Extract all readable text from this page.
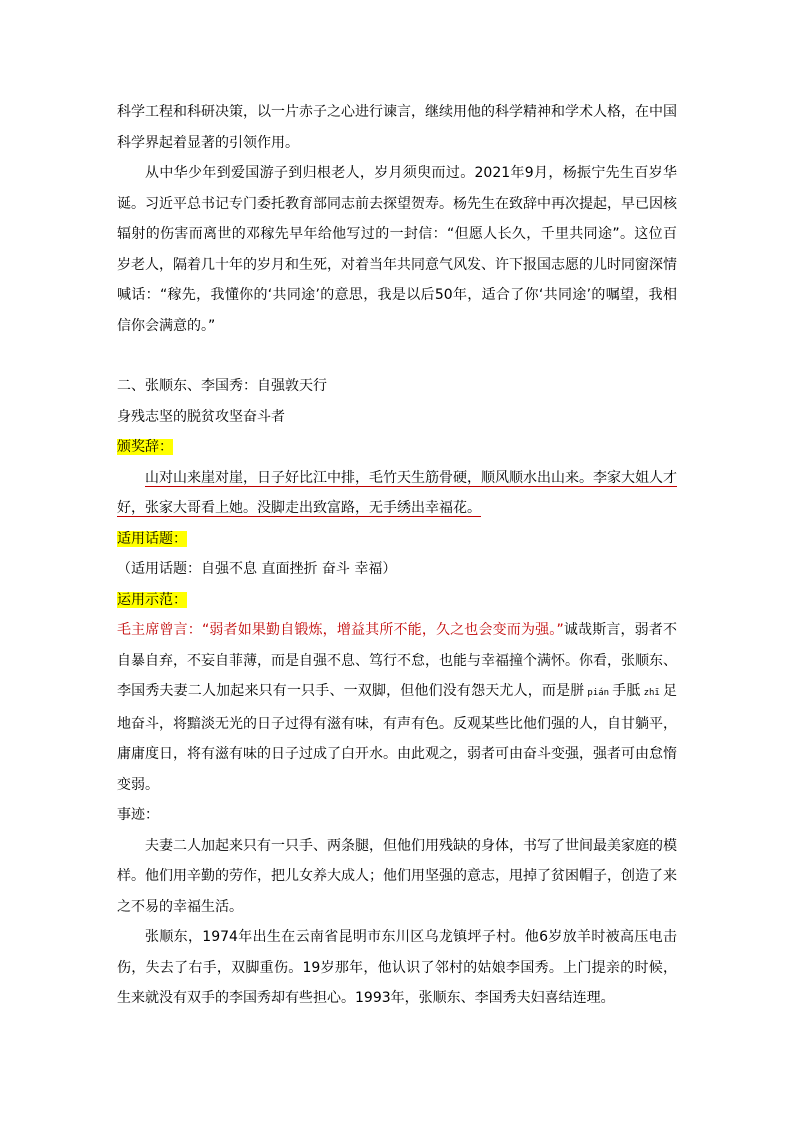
科学工程和科研决策，以一片赤子之心进行谏言，继续用他的科学精神和学术人格，在中国科学界起着显著的引领作用。

从中华少年到爱国游子到归根老人，岁月须臾而过。2021年9月，杨振宁先生百岁华诞。习近平总书记专门委托教育部同志前去探望贺寿。杨先生在致辞中再次提起，早已因核辐射的伤害而离世的邓稼先早年给他写过的一封信：“但愿人长久，千里共同途”。这位百岁老人，隔着几十年的岁月和生死，对着当年共同意气风发、许下报国志愿的儿时同窗深情喊话：“稼先，我懂你的‘共同途’的意思，我是以后50年，适合了你‘共同途’的嘱望，我相信你会满意的。”

二、张顺东、李国秀：自强敦天行

身残志坚的脱贫攻坚奋斗者

颁奖辞：

山对山来崖对崖，日子好比江中排，毛竹天生筋骨硬，顺风顺水出山来。李家大姐人才好，张家大哥看上她。没脚走出致富路，无手绣出幸福花。

适用话题：

（适用话题：自强不息 直面挫折 奋斗 幸福）

运用示范：

毛主席曾言：“弱者如果勤自锻炼，增益其所不能，久之也会变而为强。”诚哉斯言，弱者不自暴自弃，不妄自菲薄，而是自强不息、笃行不怠，也能与幸福撞个满怀。你看，张顺东、李国秀夫妻二人加起来只有一只手、一双脚，但他们没有怨天尤人，而是胼 pián 手胝 zhī 足地奋斗，将黯淡无光的日子过得有滋有味，有声有色。反观某些比他们强的人，自甘躺平，庸庸度日，将有滋有味的日子过成了白开水。由此观之，弱者可由奋斗变强，强者可由怠惰变弱。

事迹：

夫妻二人加起来只有一只手、两条腿，但他们用残缺的身体，书写了世间最美家庭的模样。他们用辛勤的劳作，把儿女养大成人；他们用坚强的意志，甩掉了贫困帽子，创造了来之不易的幸福生活。

张顺东，1974年出生在云南省昆明市东川区乌龙镇坪子村。他6岁放羊时被高压电击伤，失去了右手，双脚重伤。19岁那年，他认识了邻村的姑娘李国秀。上门提亲的时候，生来就没有双手的李国秀却有些担心。1993年，张顺东、李国秀夫妇喜结连理。
